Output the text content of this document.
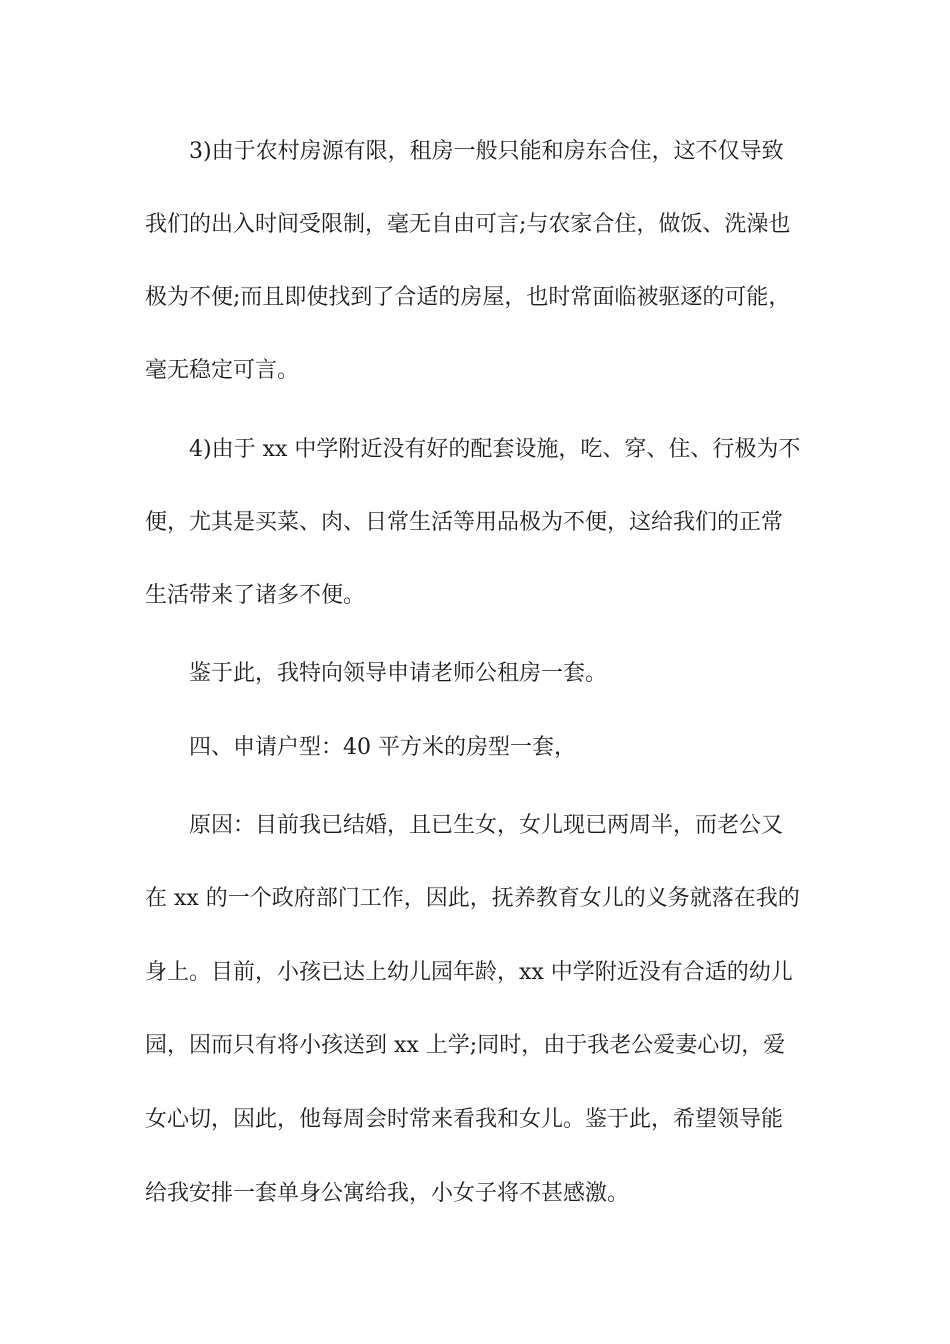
3)由于农村房源有限，租房一般只能和房东合住，这不仅导致
我们的出入时间受限制，毫无自由可言;与农家合住，做饭、洗澡也
极为不便;而且即使找到了合适的房屋，也时常面临被驱逐的可能，
毫无稳定可言。
4)由于 xx 中学附近没有好的配套设施，吃、穿、住、行极为不
便，尤其是买菜、肉、日常生活等用品极为不便，这给我们的正常
生活带来了诸多不便。
鉴于此，我特向领导申请老师公租房一套。
四、申请户型：40 平方米的房型一套，
原因：目前我已结婚，且已生女，女儿现已两周半，而老公又
在 xx 的一个政府部门工作，因此，抚养教育女儿的义务就落在我的
身上。目前，小孩已达上幼儿园年龄，xx 中学附近没有合适的幼儿
园，因而只有将小孩送到 xx 上学;同时，由于我老公爱妻心切，爱
女心切，因此，他每周会时常来看我和女儿。鉴于此，希望领导能
给我安排一套单身公寓给我，小女子将不甚感激。
